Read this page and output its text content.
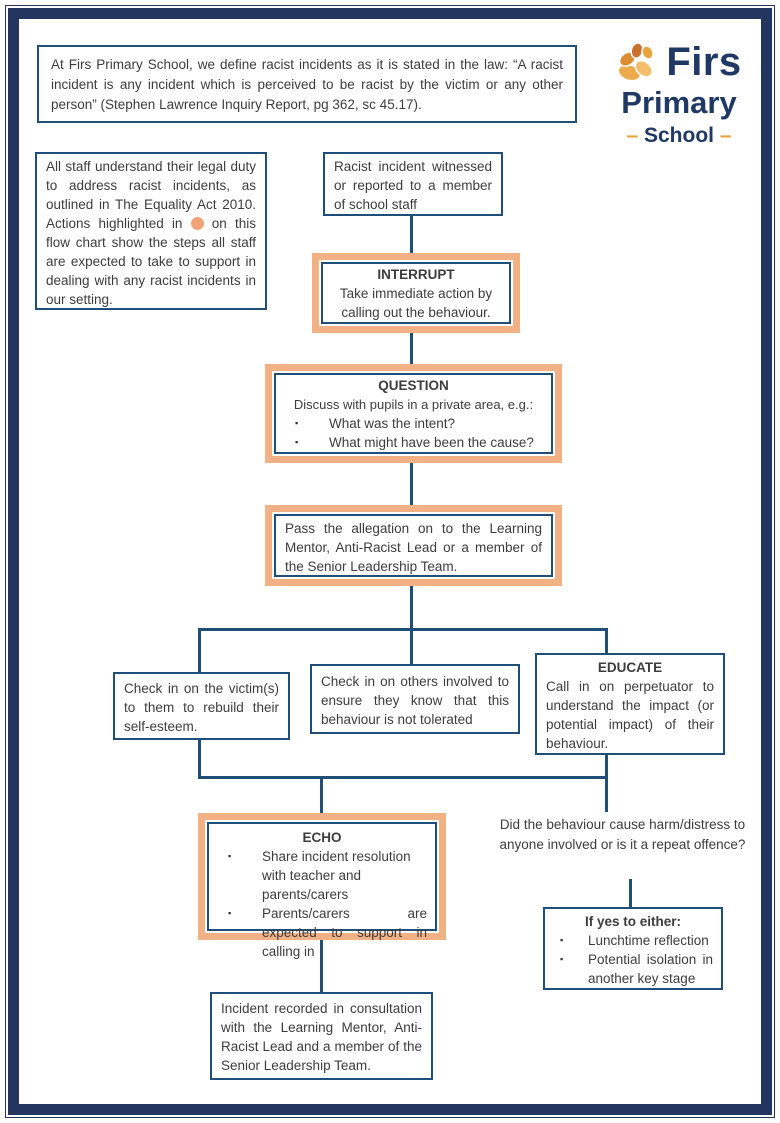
At Firs Primary School, we define racist incidents as it is stated in the law: “A racist incident is any incident which is perceived to be racist by the victim or any other person” (Stephen Lawrence Inquiry Report, pg 362, sc 45.17).
Firs
Primary
– School –
All staff understand their legal duty to address racist incidents, as outlined in The Equality Act 2010. Actions highlighted in on this flow chart show the steps all staff are expected to take to support in dealing with any racist incidents in our setting.
Racist incident witnessed or reported to a member of school staff
INTERRUPT
Take immediate action by calling out the behaviour.
QUESTION
Discuss with pupils in a private area, e.g.:
▪	What was the intent?
▪	What might have been the cause?
Pass the allegation on to the Learning Mentor, Anti-Racist Lead or a member of the Senior Leadership Team.
Check in on the victim(s) to them to rebuild their self-esteem.
Check in on others involved to ensure they know that this behaviour is not tolerated
EDUCATE
Call in on perpetuator to understand the impact (or potential impact) of their behaviour.
ECHO
▪	Share incident resolution with teacher and parents/carers
▪	Parents/carers are expected to support in calling in
Did the behaviour cause harm/distress to anyone involved or is it a repeat offence?
If yes to either:
▪	Lunchtime reflection
▪	Potential isolation in another key stage
Incident recorded in consultation with the Learning Mentor, Anti-Racist Lead and a member of the Senior Leadership Team.
